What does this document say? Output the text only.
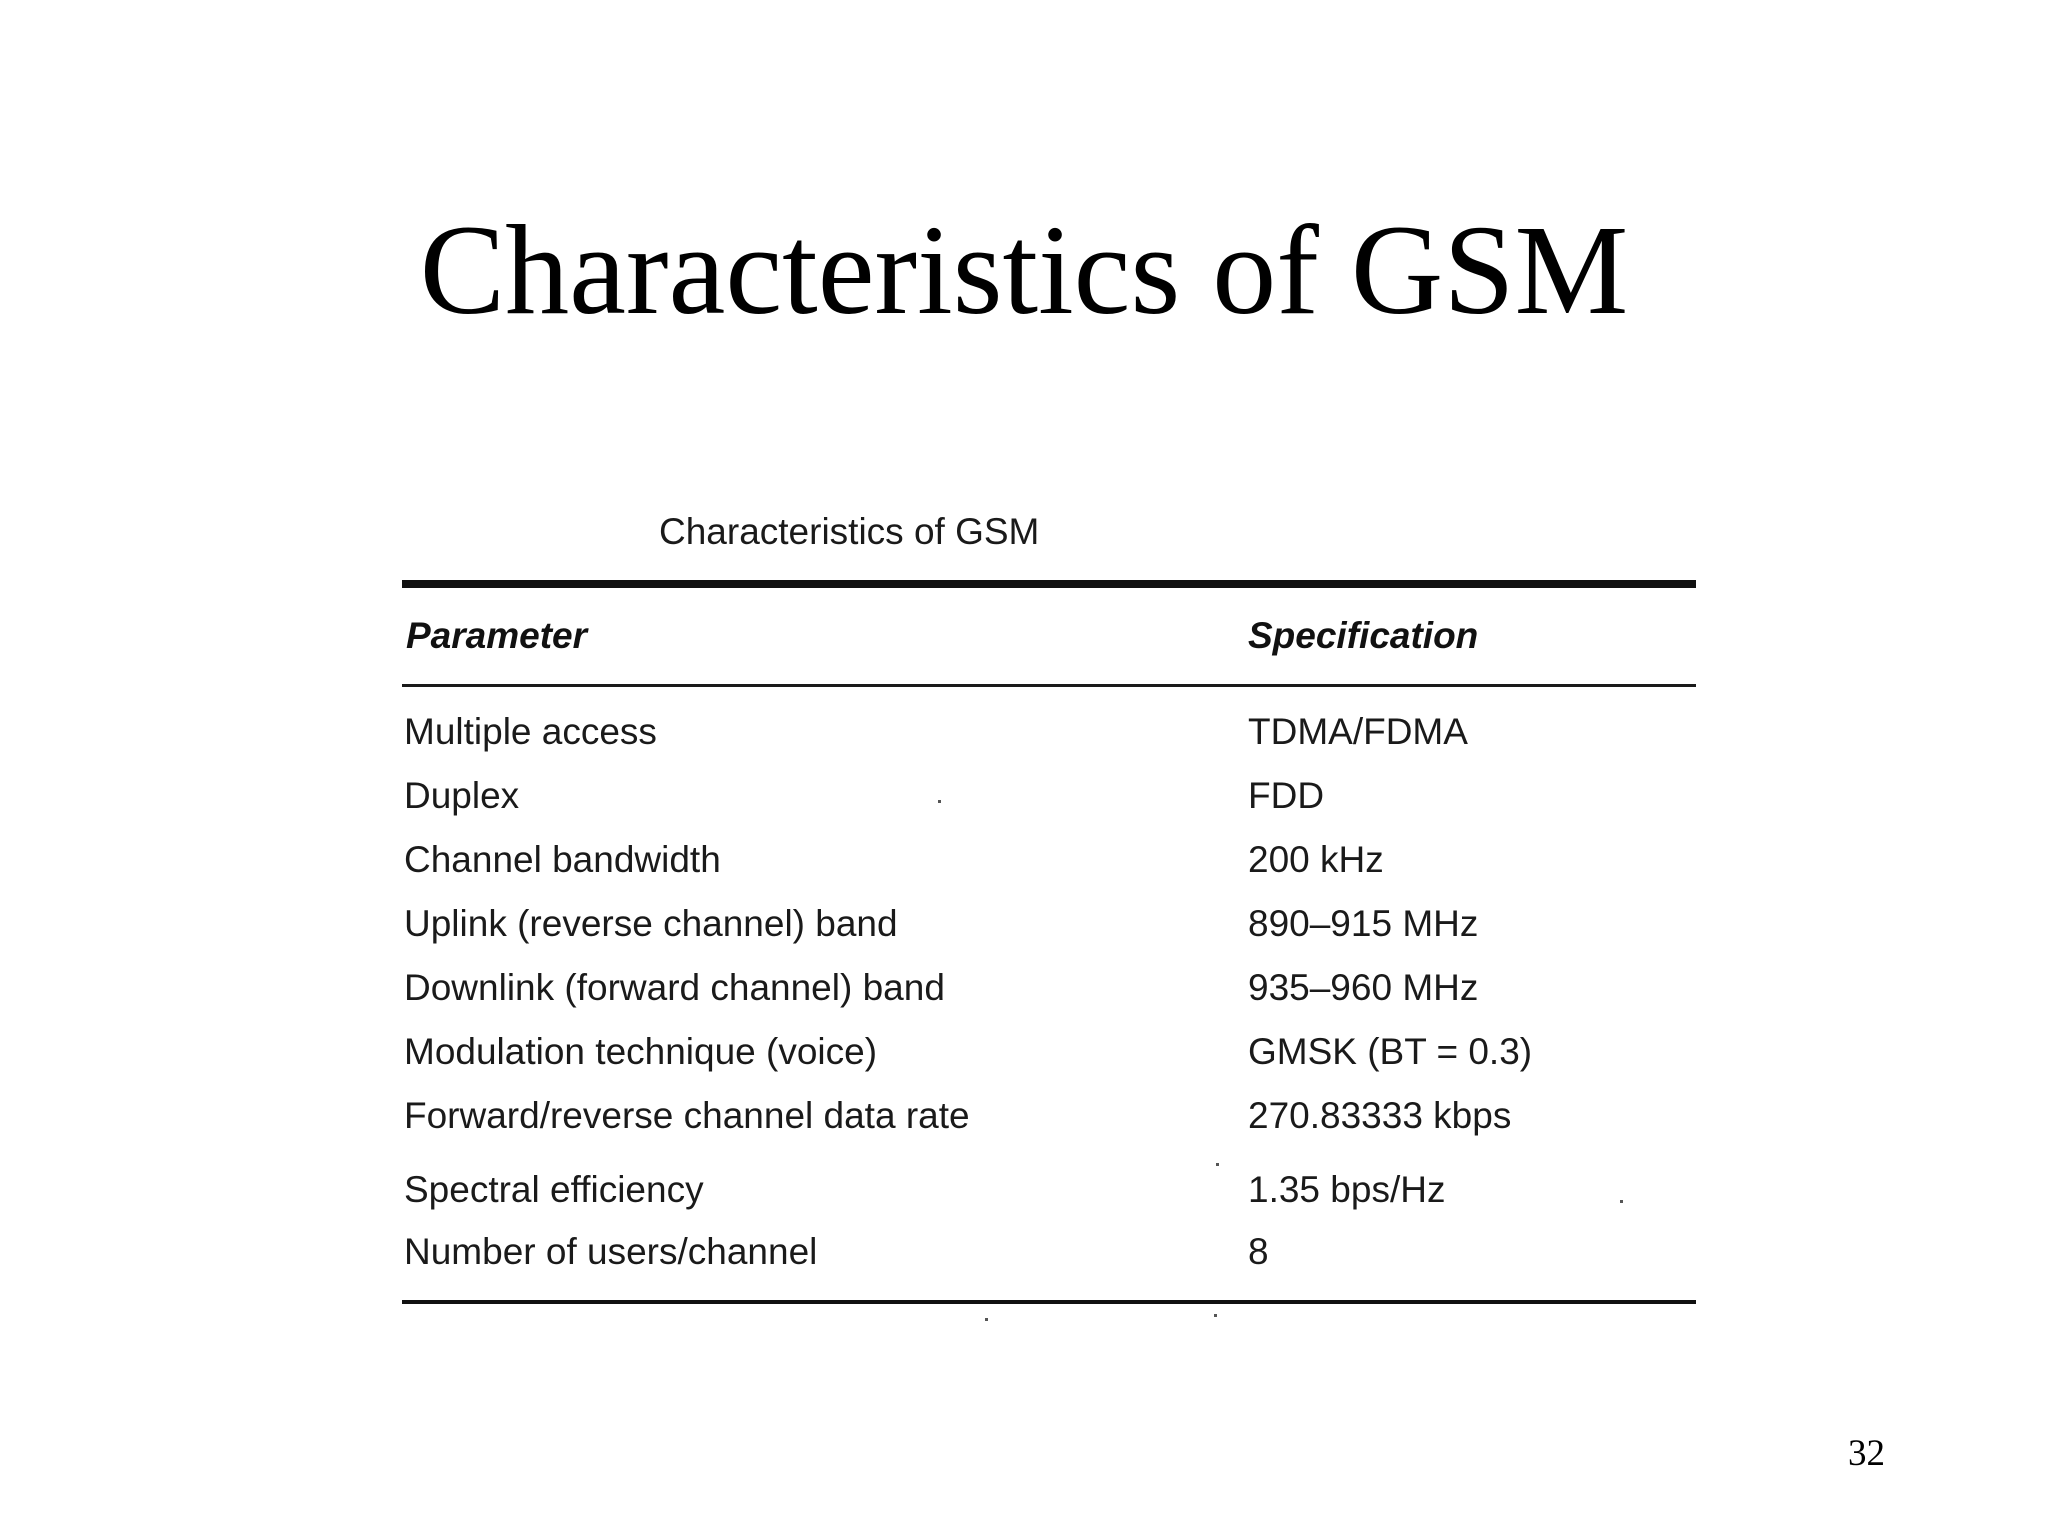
Characteristics of GSM
Characteristics of GSM
Parameter	Specification
Multiple access	TDMA/FDMA
Duplex	FDD
Channel bandwidth	200 kHz
Uplink (reverse channel) band	890–915 MHz
Downlink (forward channel) band	935–960 MHz
Modulation technique (voice)	GMSK (BT = 0.3)
Forward/reverse channel data rate	270.83333 kbps
Spectral efficiency	1.35 bps/Hz
Number of users/channel	8
32
